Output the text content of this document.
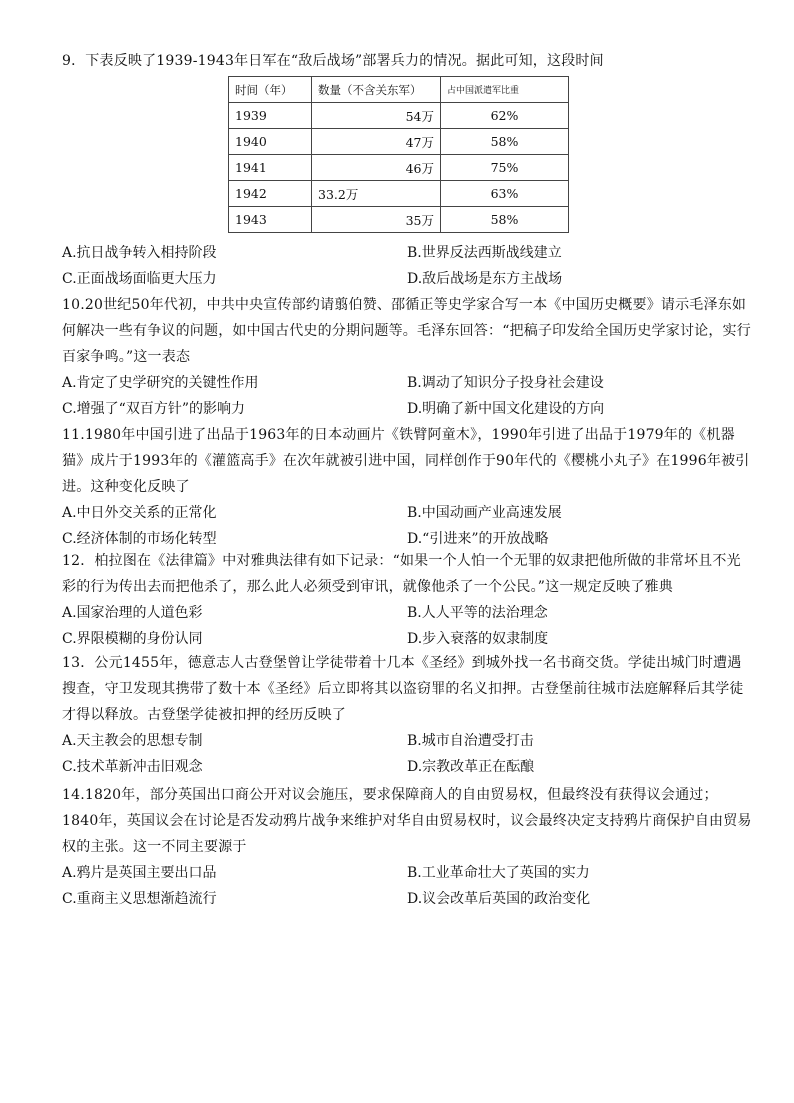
9．下表反映了1939-1943年日军在“敌后战场”部署兵力的情况。据此可知，这段时间

时间（年）	数量（不含关东军）	占中国派遣军比重
1939	54万	62%
1940	47万	58%
1941	46万	75%
1942	33.2万	63%
1943	35万	58%
A.抗日战争转入相持阶段	B.世界反法西斯战线建立
C.正面战场面临更大压力	D.敌后战场是东方主战场

10.20世纪50年代初，中共中央宣传部约请翦伯赞、邵循正等史学家合写一本《中国历史概要》请示毛泽东如何解决一些有争议的问题，如中国古代史的分期问题等。毛泽东回答：“把稿子印发给全国历史学家讨论，实行百家争鸣。”这一表态

A.肯定了史学研究的关键性作用	B.调动了知识分子投身社会建设
C.增强了“双百方针”的影响力	D.明确了新中国文化建设的方向

11.1980年中国引进了出品于1963年的日本动画片《铁臂阿童木》，1990年引进了出品于1979年的《机器猫》成片于1993年的《灌篮高手》在次年就被引进中国，同样创作于90年代的《樱桃小丸子》在1996年被引进。这种变化反映了

A.中日外交关系的正常化	B.中国动画产业高速发展
C.经济体制的市场化转型	D.“引进来”的开放战略

12．柏拉图在《法律篇》中对雅典法律有如下记录：“如果一个人怕一个无罪的奴隶把他所做的非常坏且不光彩的行为传出去而把他杀了，那么此人必须受到审讯，就像他杀了一个公民。”这一规定反映了雅典

A.国家治理的人道色彩	B.人人平等的法治理念
C.界限模糊的身份认同	D.步入衰落的奴隶制度

13．公元1455年，德意志人古登堡曾让学徒带着十几本《圣经》到城外找一名书商交货。学徒出城门时遭遇搜查，守卫发现其携带了数十本《圣经》后立即将其以盗窃罪的名义扣押。古登堡前往城市法庭解释后其学徒才得以释放。古登堡学徒被扣押的经历反映了

A.天主教会的思想专制	B.城市自治遭受打击
C.技术革新冲击旧观念	D.宗教改革正在酝酿

14.1820年，部分英国出口商公开对议会施压，要求保障商人的自由贸易权，但最终没有获得议会通过；1840年，英国议会在讨论是否发动鸦片战争来维护对华自由贸易权时，议会最终决定支持鸦片商保护自由贸易权的主张。这一不同主要源于

A.鸦片是英国主要出口品	B.工业革命壮大了英国的实力
C.重商主义思想渐趋流行	D.议会改革后英国的政治变化
